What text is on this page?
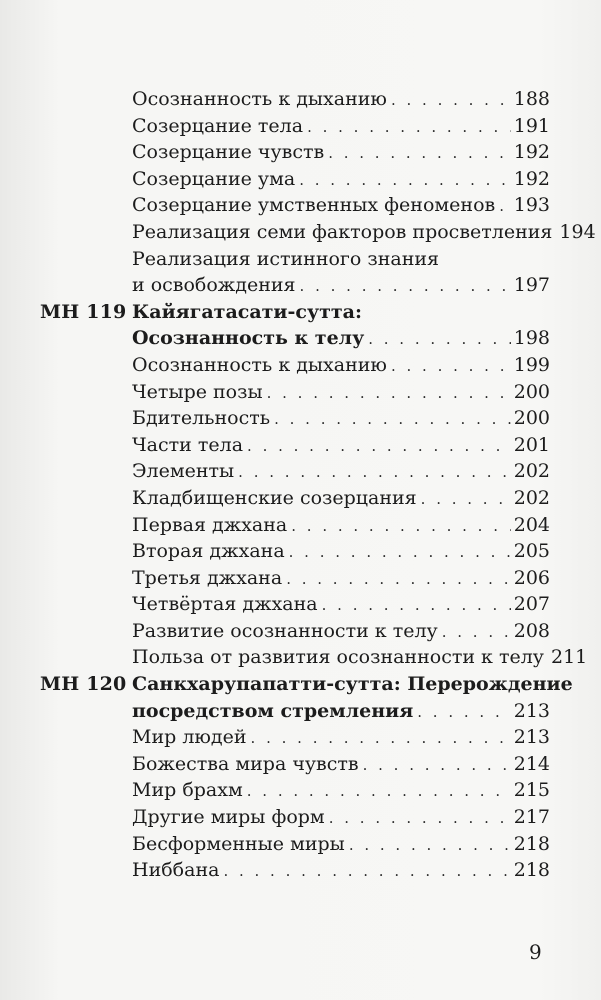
Осознанность к дыханию . . .	188
Созерцание тела . . .	191
Созерцание чувств . . .	192
Созерцание ума . . .	192
Созерцание умственных феноменов . . . 193
Реализация семи факторов просветления 194
Реализация истинного знания
и освобождения . . .	197
МН 119 Кайягатасати-сутта:
Осознанность к телу . . .	198
Осознанность к дыханию . . .	199
Четыре позы . . .	200
Бдительность . . .	200
Части тела . . .	201
Элементы . . .	202
Кладбищенские созерцания . . .	202
Первая джхана . . .	204
Вторая джхана . . .	205
Третья джхана . . .	206
Четвёртая джхана . . .	207
Развитие осознанности к телу . . .	208
Польза от развития осознанности к телу 211
МН 120 Санкхарупапатти-сутта: Перерождение
посредством стремления . . .	213
Мир людей . . .	213
Божества мира чувств . . .	214
Мир брахм . . .	215
Другие миры форм . . .	217
Бесформенные миры . . .	218
Ниббана . . .	218
9
